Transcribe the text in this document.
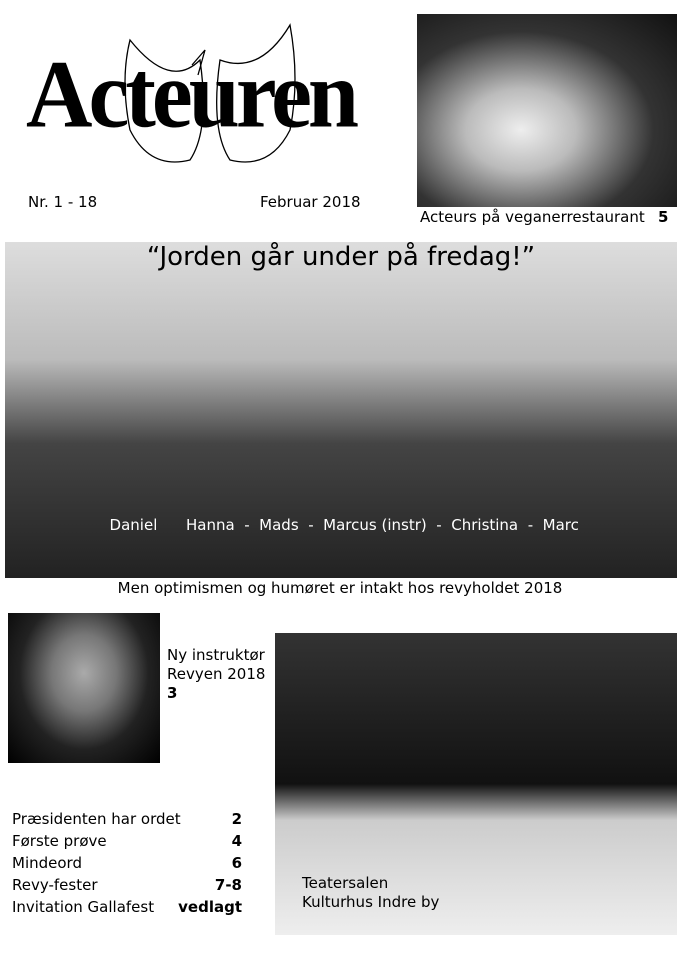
Acteuren
Nr. 1 - 18	Februar 2018
Acteurs på veganerrestaurant 5
“Jorden går under på fredag!”

Daniel Hanna - Mads - Marcus (instr) - Christina - Marc

Men optimismen og humøret er intakt hos revyholdet 2018
Ny instruktør
Revyen 2018
3
Teatersalen
Kulturhus Indre by
Præsidenten har ordet	2
Første prøve	4
Mindeord	6
Revy-fester	7-8
Invitation Gallafest vedlagt
